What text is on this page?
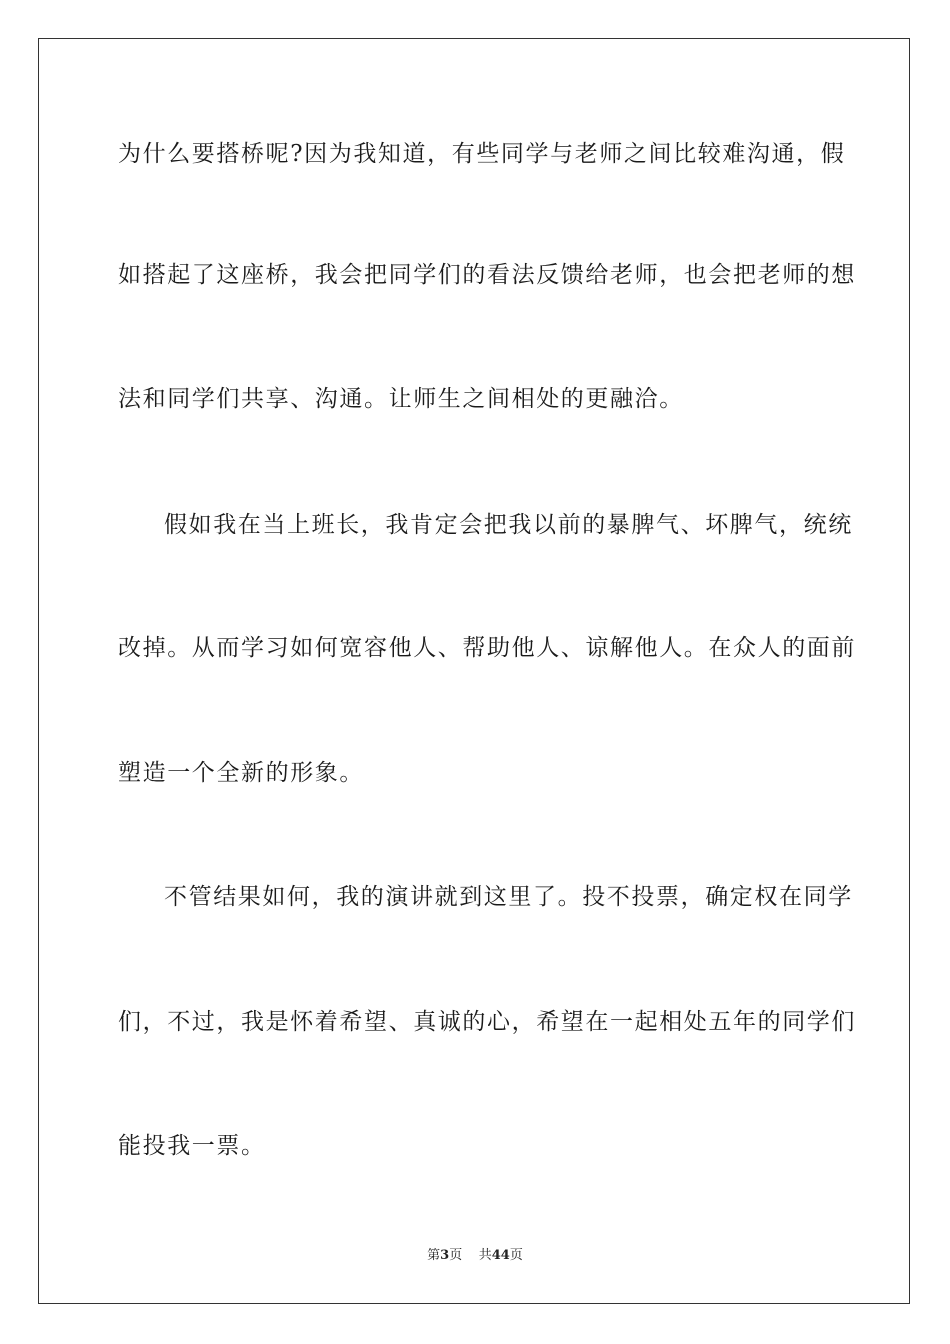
为什么要搭桥呢?因为我知道，有些同学与老师之间比较难沟通，假
如搭起了这座桥，我会把同学们的看法反馈给老师，也会把老师的想
法和同学们共享、沟通。让师生之间相处的更融洽。
假如我在当上班长，我肯定会把我以前的暴脾气、坏脾气，统统
改掉。从而学习如何宽容他人、帮助他人、谅解他人。在众人的面前
塑造一个全新的形象。
不管结果如何，我的演讲就到这里了。投不投票，确定权在同学
们，不过，我是怀着希望、真诚的心，希望在一起相处五年的同学们
能投我一票。
第3页 共44页
